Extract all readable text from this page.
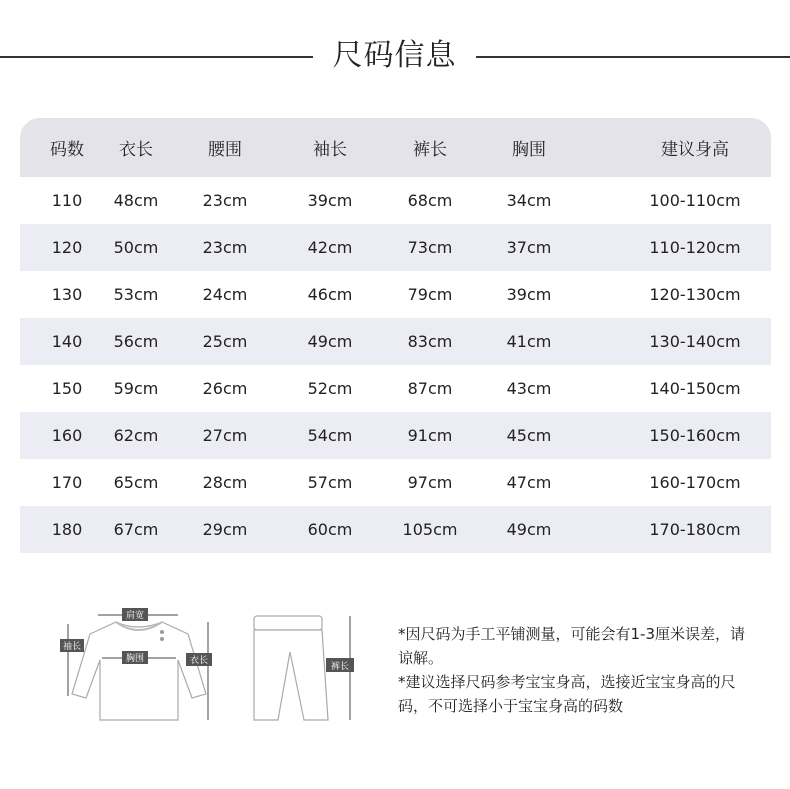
尺码信息
码数	衣长	腰围	袖长	裤长	胸围	建议身高
110	48cm	23cm	39cm	68cm	34cm	100-110cm
120	50cm	23cm	42cm	73cm	37cm	110-120cm
130	53cm	24cm	46cm	79cm	39cm	120-130cm
140	56cm	25cm	49cm	83cm	41cm	130-140cm
150	59cm	26cm	52cm	87cm	43cm	140-150cm
160	62cm	27cm	54cm	91cm	45cm	150-160cm
170	65cm	28cm	57cm	97cm	47cm	160-170cm
180	67cm	29cm	60cm	105cm	49cm	170-180cm
肩宽
袖长
胸围	衣长
裤长

*因尺码为手工平铺测量，可能会有1-3厘米误差，请谅解。

*建议选择尺码参考宝宝身高，选接近宝宝身高的尺码，不可选择小于宝宝身高的码数
